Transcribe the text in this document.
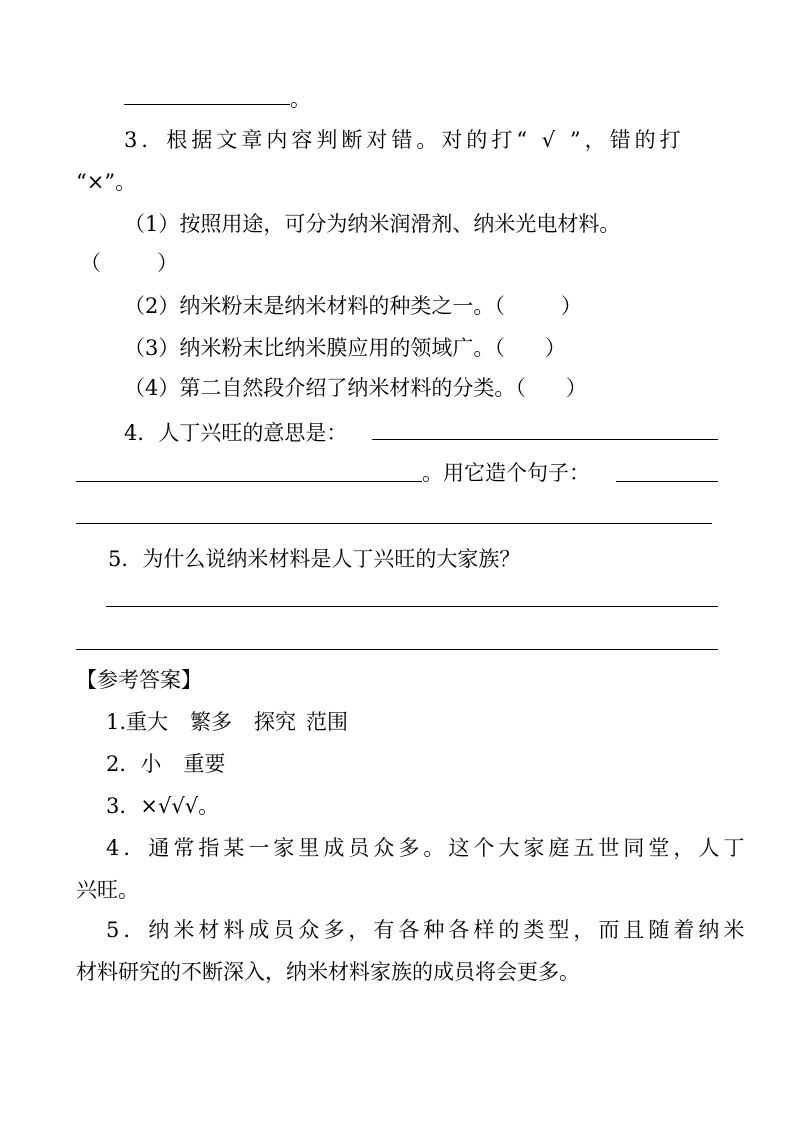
。
3．根据文章内容判断对错。对的打“ √ ”，错的打
“×”。
（1）按照用途，可分为纳米润滑剂、纳米光电材料。
（	）
（2）纳米粉末是纳米材料的种类之一。（	）
（3）纳米粉末比纳米膜应用的领域广。（ ）
（4）第二自然段介绍了纳米材料的分类。（ ）
4．人丁兴旺的意思是：
。用它造个句子：
5．为什么说纳米材料是人丁兴旺的大家族？
【参考答案】
1.重大 繁多 探究 范围
2．小 重要
3．×√√√。
4．通常指某一家里成员众多。这个大家庭五世同堂，人丁
兴旺。
5．纳米材料成员众多，有各种各样的类型，而且随着纳米
材料研究的不断深入，纳米材料家族的成员将会更多。
